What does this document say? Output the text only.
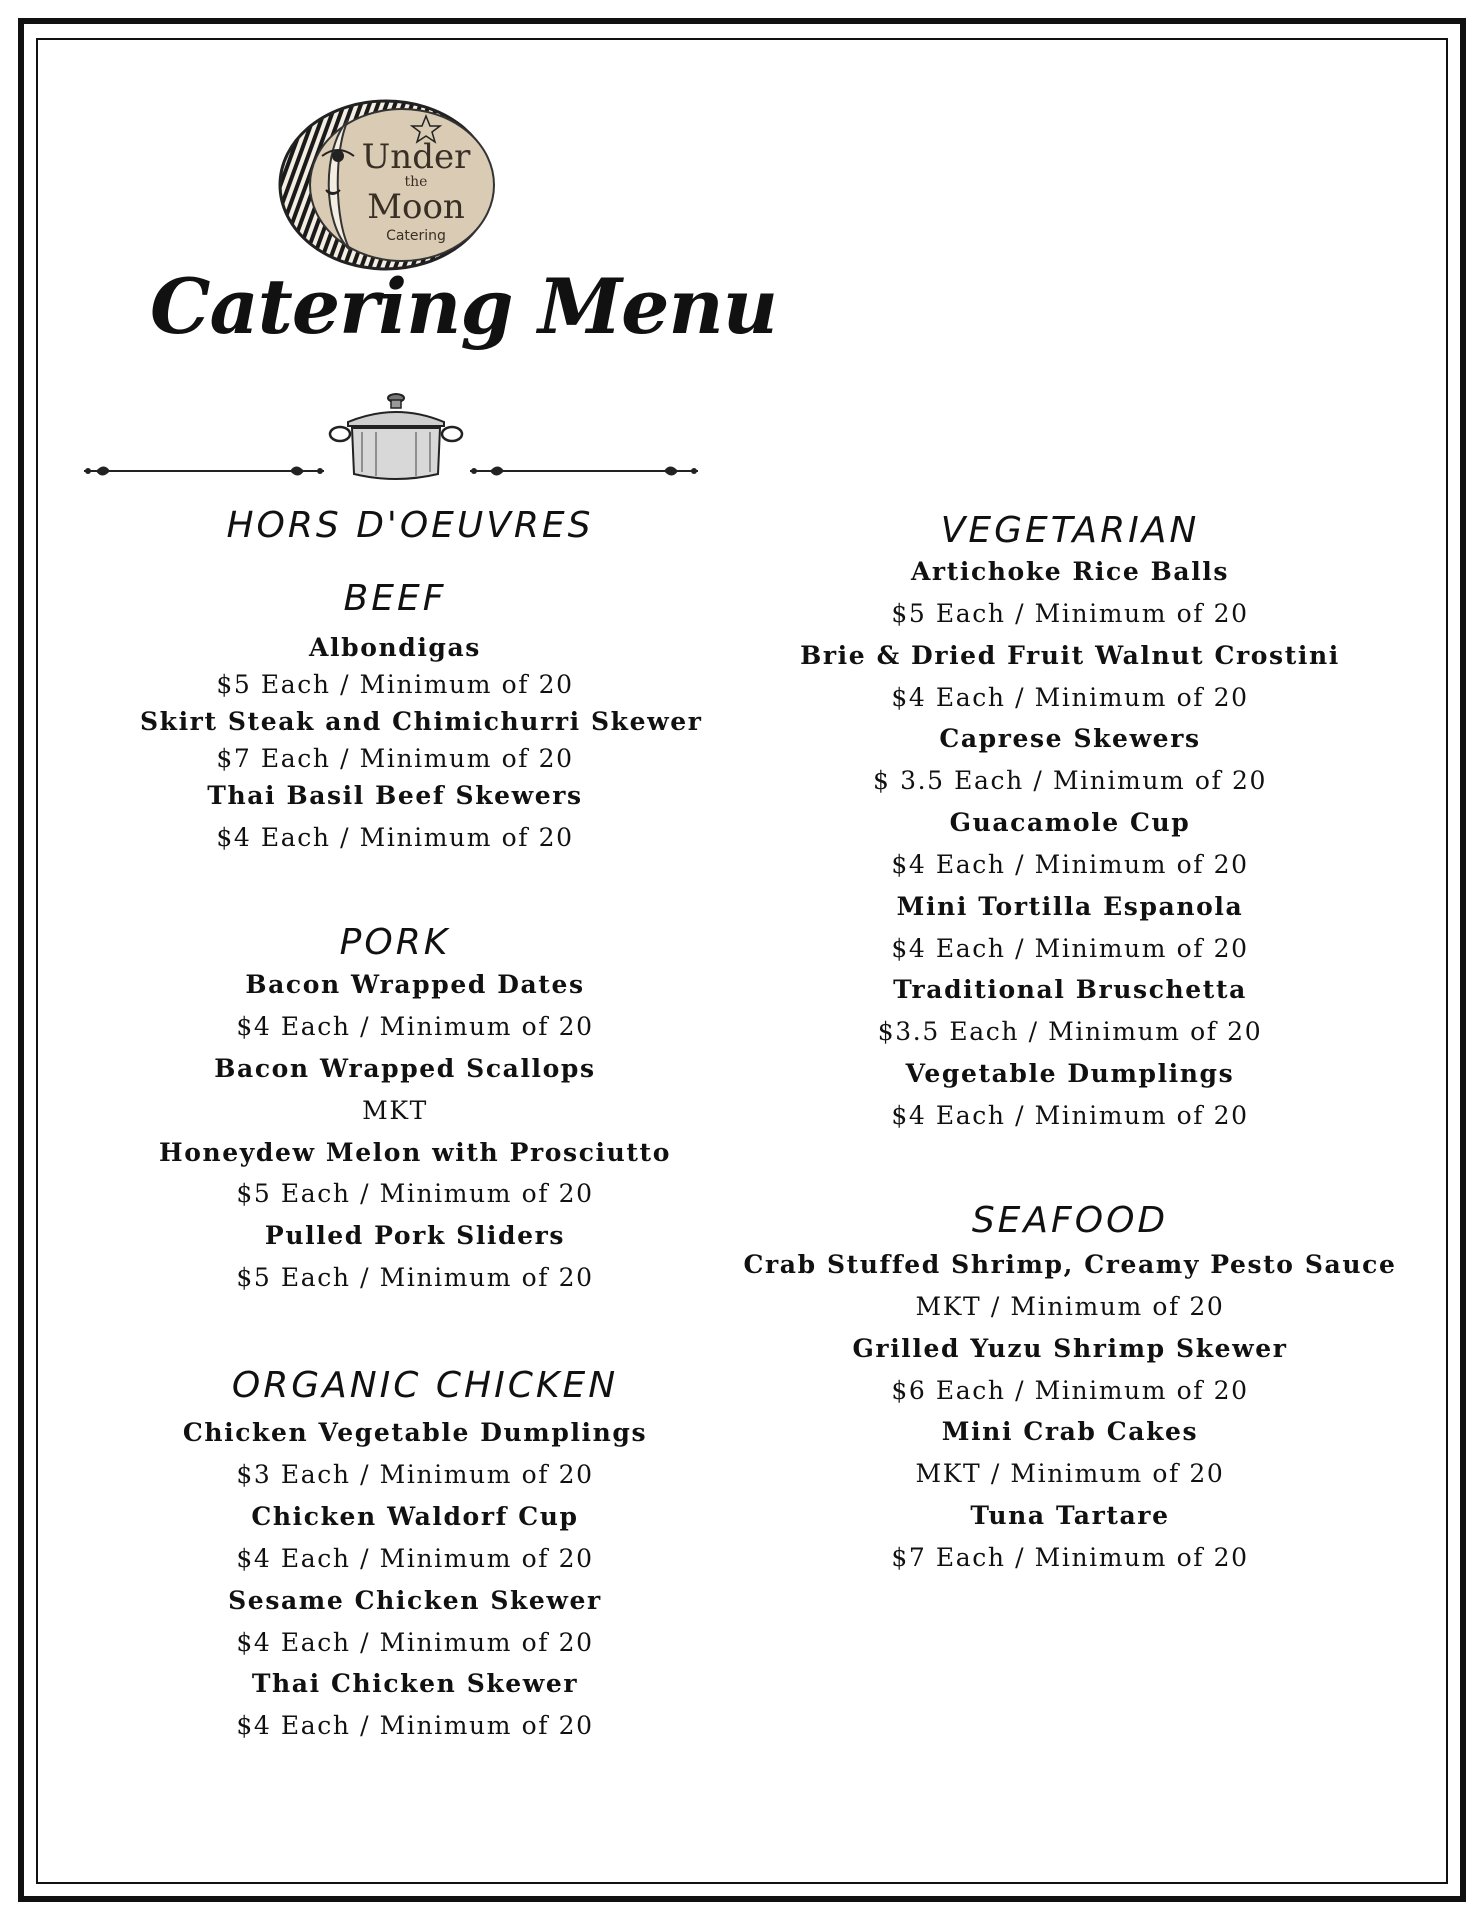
Under
the
Moon
Catering
Catering Menu
HORS D'OEUVRES
BEEF
Albondigas
$5 Each / Minimum of 20
Skirt Steak and Chimichurri Skewer
$7 Each / Minimum of 20
Thai Basil Beef Skewers
$4 Each / Minimum of 20
PORK
Bacon Wrapped Dates
$4 Each / Minimum of 20
Bacon Wrapped Scallops
MKT
Honeydew Melon with Prosciutto
$5 Each / Minimum of 20
Pulled Pork Sliders
$5 Each / Minimum of 20
ORGANIC CHICKEN
Chicken Vegetable Dumplings
$3 Each / Minimum of 20
Chicken Waldorf Cup
$4 Each / Minimum of 20
Sesame Chicken Skewer
$4 Each / Minimum of 20
Thai Chicken Skewer
$4 Each / Minimum of 20
VEGETARIAN
Artichoke Rice Balls
$5 Each / Minimum of 20
Brie & Dried Fruit Walnut Crostini
$4 Each / Minimum of 20
Caprese Skewers
$ 3.5 Each / Minimum of 20
Guacamole Cup
$4 Each / Minimum of 20
Mini Tortilla Espanola
$4 Each / Minimum of 20
Traditional Bruschetta
$3.5 Each / Minimum of 20
Vegetable Dumplings
$4 Each / Minimum of 20
SEAFOOD
Crab Stuffed Shrimp, Creamy Pesto Sauce
MKT / Minimum of 20
Grilled Yuzu Shrimp Skewer
$6 Each / Minimum of 20
Mini Crab Cakes
MKT / Minimum of 20
Tuna Tartare
$7 Each / Minimum of 20
